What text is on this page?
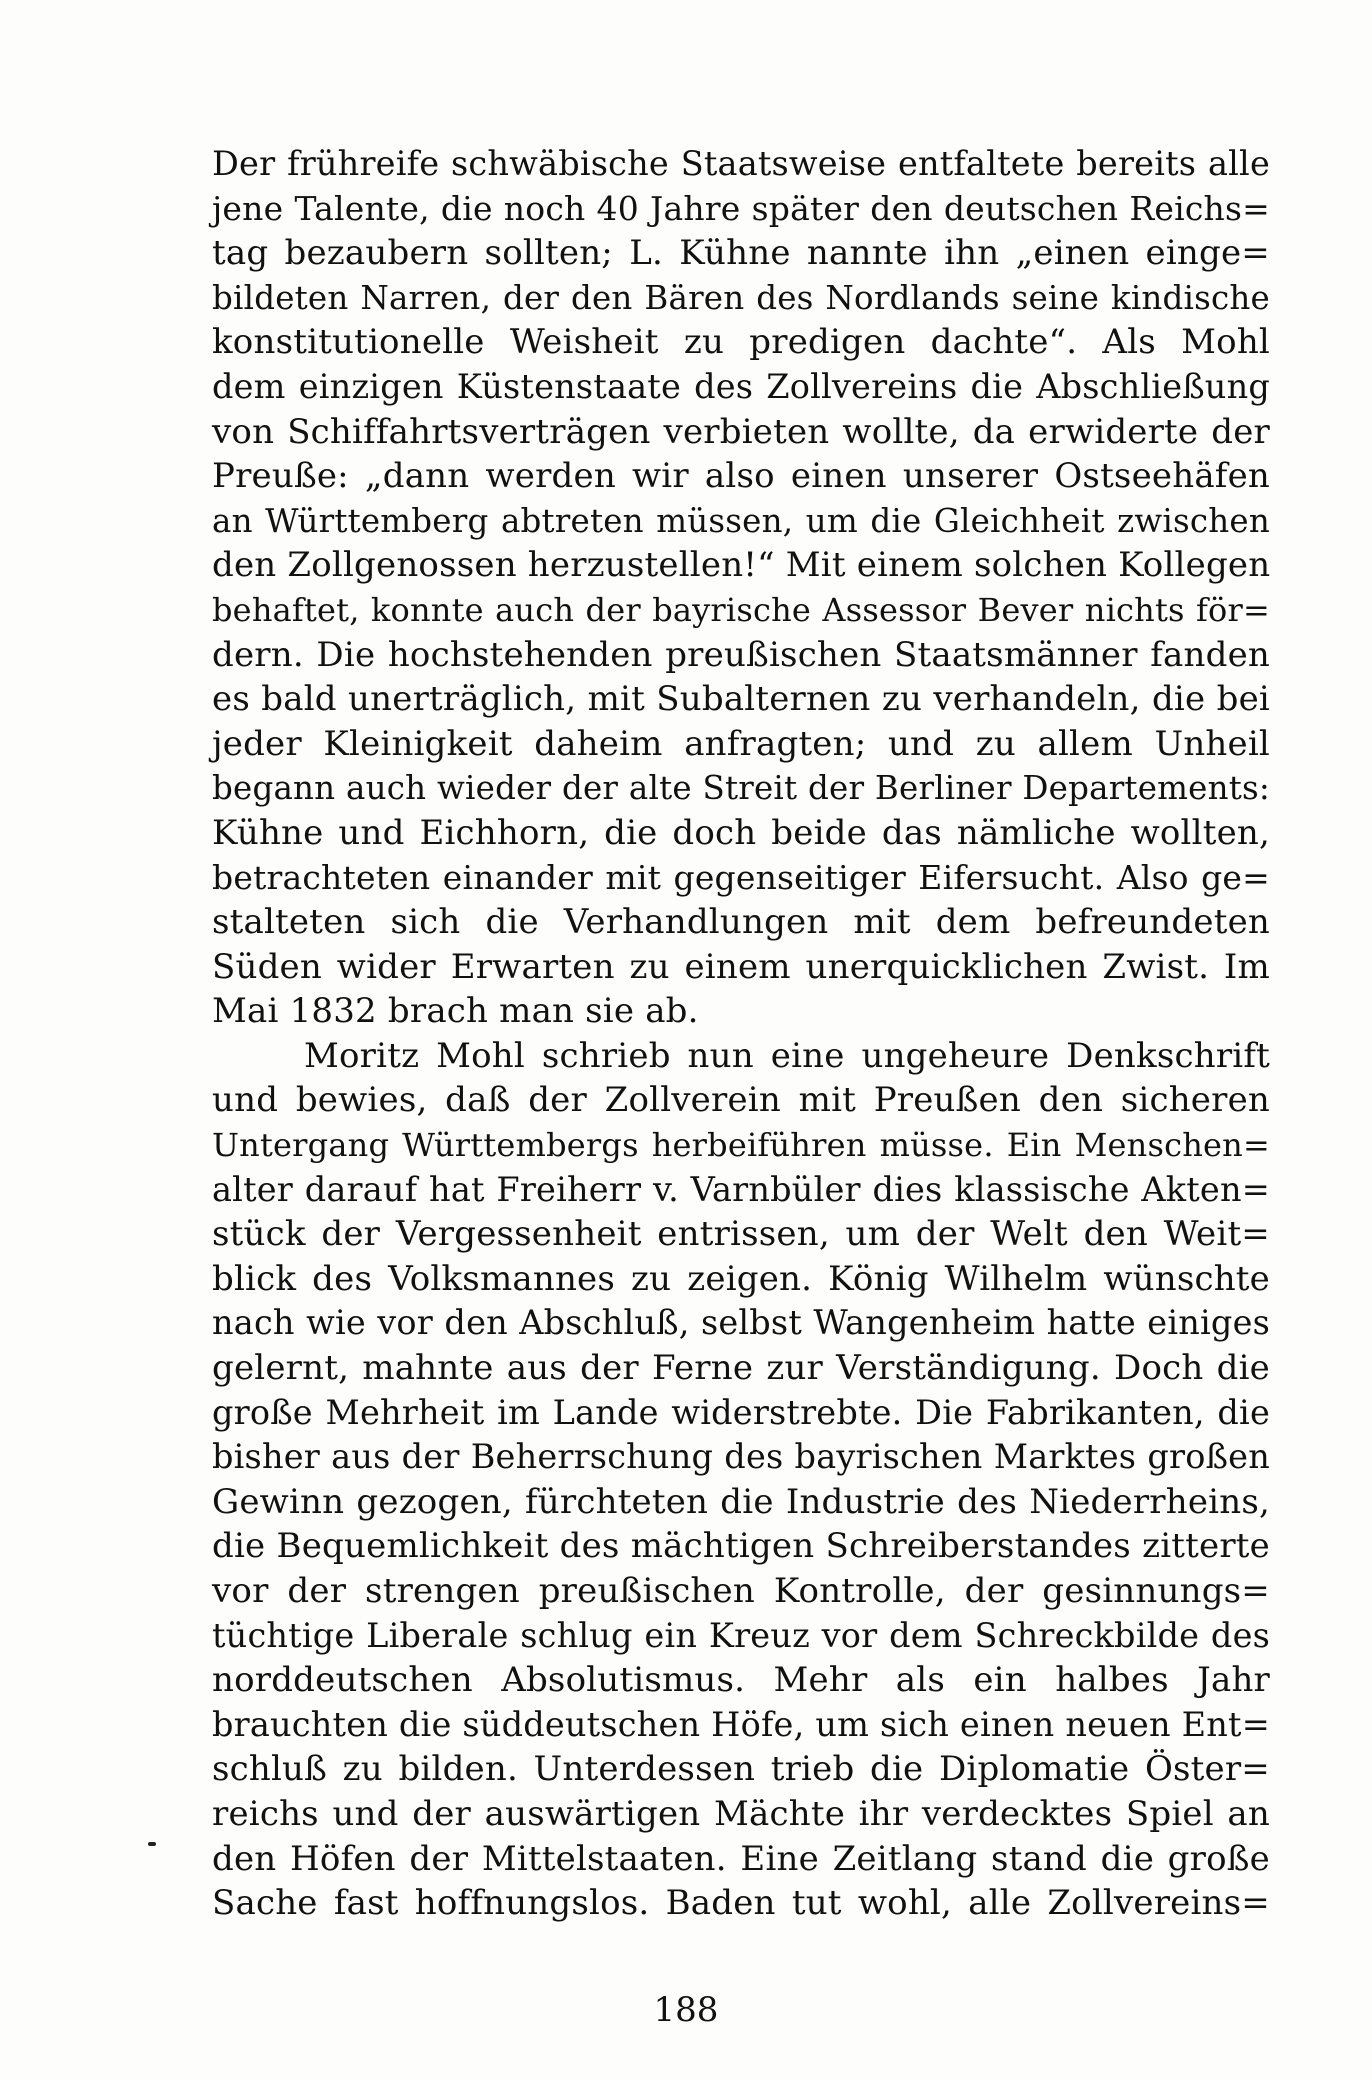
Der frühreife schwäbische Staatsweise entfaltete bereits alle
jene Talente, die noch 40 Jahre später den deutschen Reichs=
tag bezaubern sollten; L. Kühne nannte ihn „einen einge=
bildeten Narren, der den Bären des Nordlands seine kindische
konstitutionelle Weisheit zu predigen dachte“. Als Mohl
dem einzigen Küstenstaate des Zollvereins die Abschließung
von Schiffahrtsverträgen verbieten wollte, da erwiderte der
Preuße: „dann werden wir also einen unserer Ostseehäfen
an Württemberg abtreten müssen, um die Gleichheit zwischen
den Zollgenossen herzustellen!“ Mit einem solchen Kollegen
behaftet, konnte auch der bayrische Assessor Bever nichts för=
dern. Die hochstehenden preußischen Staatsmänner fanden
es bald unerträglich, mit Subalternen zu verhandeln, die bei
jeder Kleinigkeit daheim anfragten; und zu allem Unheil
begann auch wieder der alte Streit der Berliner Departements:
Kühne und Eichhorn, die doch beide das nämliche wollten,
betrachteten einander mit gegenseitiger Eifersucht. Also ge=
stalteten sich die Verhandlungen mit dem befreundeten
Süden wider Erwarten zu einem unerquicklichen Zwist. Im
Mai 1832 brach man sie ab.
Moritz Mohl schrieb nun eine ungeheure Denkschrift
und bewies, daß der Zollverein mit Preußen den sicheren
Untergang Württembergs herbeiführen müsse. Ein Menschen=
alter darauf hat Freiherr v. Varnbüler dies klassische Akten=
stück der Vergessenheit entrissen, um der Welt den Weit=
blick des Volksmannes zu zeigen. König Wilhelm wünschte
nach wie vor den Abschluß, selbst Wangenheim hatte einiges
gelernt, mahnte aus der Ferne zur Verständigung. Doch die
große Mehrheit im Lande widerstrebte. Die Fabrikanten, die
bisher aus der Beherrschung des bayrischen Marktes großen
Gewinn gezogen, fürchteten die Industrie des Niederrheins,
die Bequemlichkeit des mächtigen Schreiberstandes zitterte
vor der strengen preußischen Kontrolle, der gesinnungs=
tüchtige Liberale schlug ein Kreuz vor dem Schreckbilde des
norddeutschen Absolutismus. Mehr als ein halbes Jahr
brauchten die süddeutschen Höfe, um sich einen neuen Ent=
schluß zu bilden. Unterdessen trieb die Diplomatie Öster=
reichs und der auswärtigen Mächte ihr verdecktes Spiel an
den Höfen der Mittelstaaten. Eine Zeitlang stand die große
Sache fast hoffnungslos. Baden tut wohl, alle Zollvereins=
188
